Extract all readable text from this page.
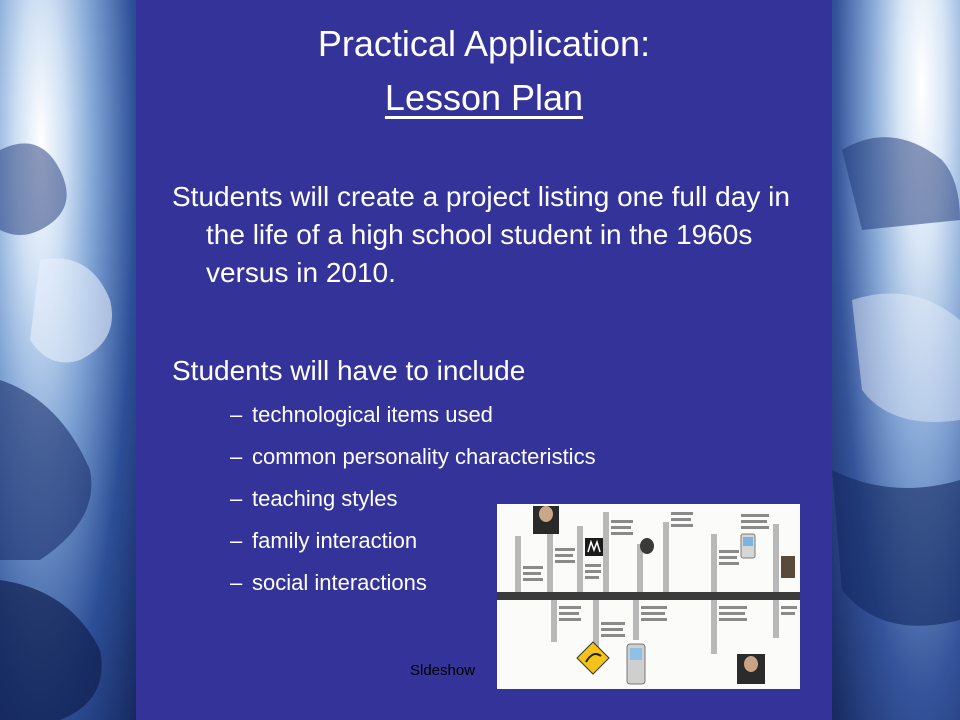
Practical Application:
Lesson Plan
Students will create a project listing one full day in the life of a high school student in the 1960s versus in 2010.
Students will have to include
– technological items used
– common personality characteristics
– teaching styles
– family interaction
– social interactions
Sldeshow
